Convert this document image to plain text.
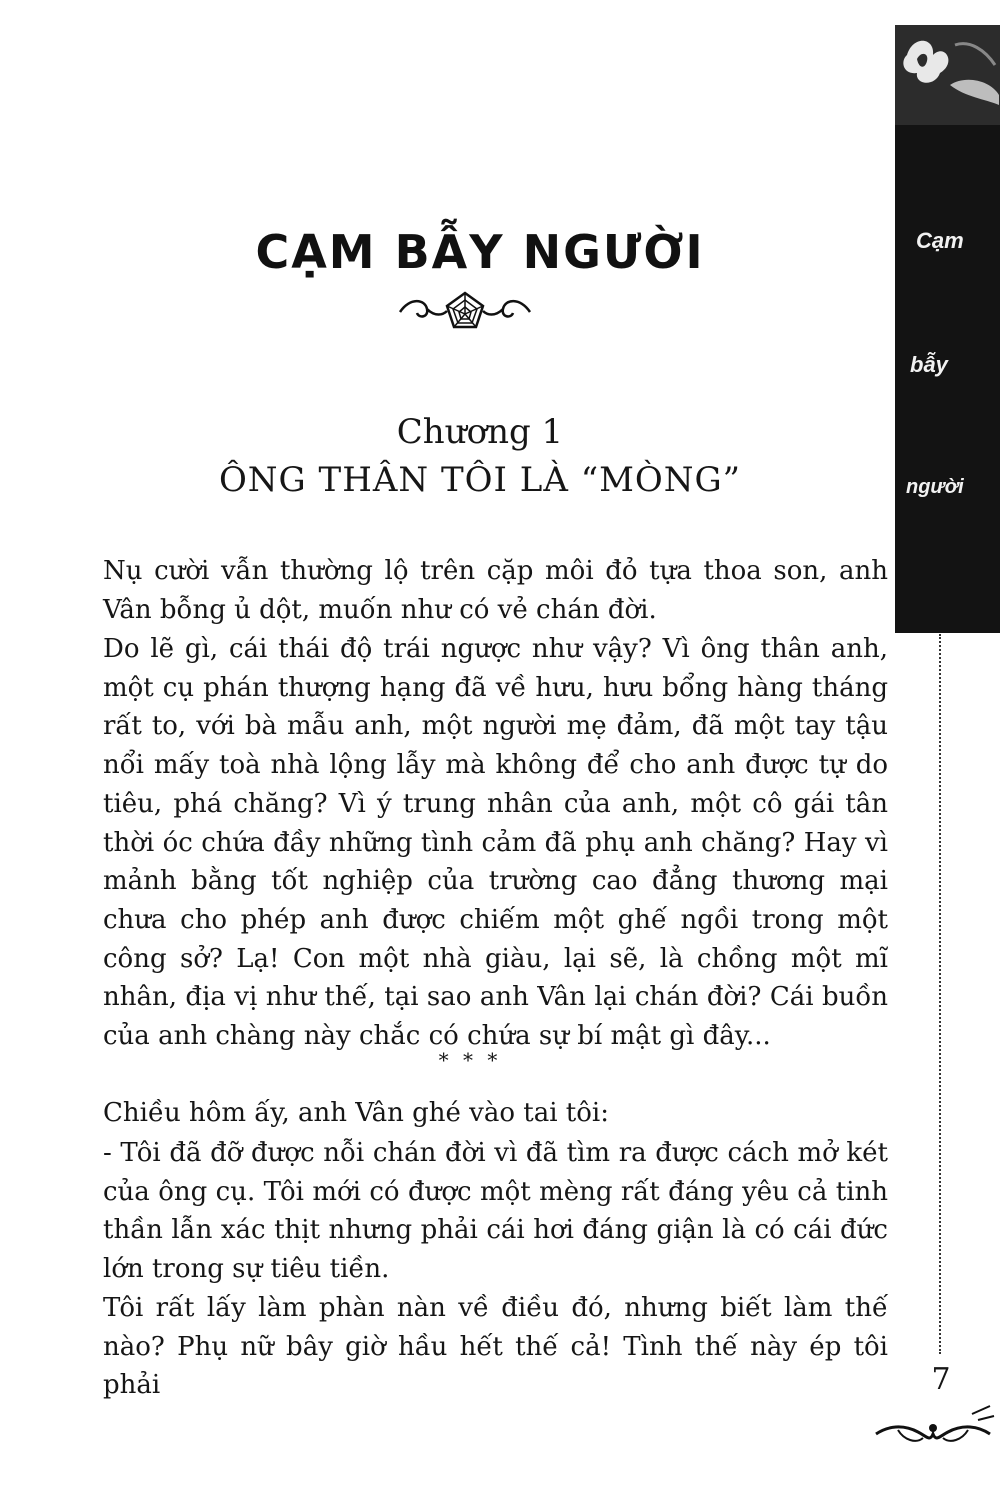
Cạm
bẫy
người
CẠM BẪY NGƯỜI
Chương 1
ÔNG THÂN TÔI LÀ “MÒNG”

Nụ cười vẫn thường lộ trên cặp môi đỏ tựa thoa son, anh Vân bỗng ủ dột, muốn như có vẻ chán đời.

Do lẽ gì, cái thái độ trái ngược như vậy? Vì ông thân anh, một cụ phán thượng hạng đã về hưu, hưu bổng hàng tháng rất to, với bà mẫu anh, một người mẹ đảm, đã một tay tậu nổi mấy toà nhà lộng lẫy mà không để cho anh được tự do tiêu, phá chăng? Vì ý trung nhân của anh, một cô gái tân thời óc chứa đầy những tình cảm đã phụ anh chăng? Hay vì mảnh bằng tốt nghiệp của trường cao đẳng thương mại chưa cho phép anh được chiếm một ghế ngồi trong một công sở? Lạ! Con một nhà giàu, lại sẽ, là chồng một mĩ nhân, địa vị như thế, tại sao anh Vân lại chán đời? Cái buồn của anh chàng này chắc có chứa sự bí mật gì đây...

* * *

Chiều hôm ấy, anh Vân ghé vào tai tôi:

- Tôi đã đỡ được nỗi chán đời vì đã tìm ra được cách mở két của ông cụ. Tôi mới có được một mèng rất đáng yêu cả tinh thần lẫn xác thịt nhưng phải cái hơi đáng giận là có cái đức lớn trong sự tiêu tiền.

Tôi rất lấy làm phàn nàn về điều đó, nhưng biết làm thế nào? Phụ nữ bây giờ hầu hết thế cả! Tình thế này ép tôi phải	7
